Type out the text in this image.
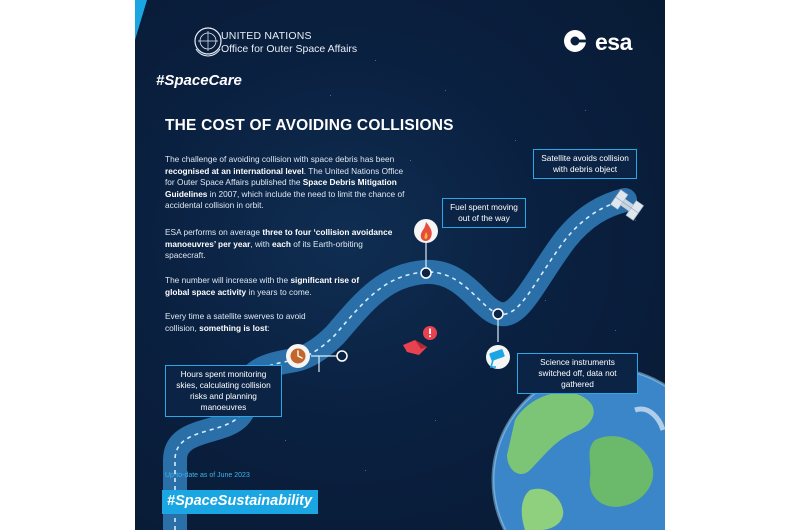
UNITED NATIONS
Office for Outer Space Affairs	esa
#SpaceCare
THE COST OF AVOIDING COLLISIONS
The challenge of avoiding collision with space debris has been recognised at an international level. The United Nations Office for Outer Space Affairs published the Space Debris Mitigation Guidelines in 2007, which include the need to limit the chance of accidental collision in orbit.
ESA performs on average three to four ‘collision avoidance manoeuvres’ per year, with each of its Earth-orbiting spacecraft.
The number will increase with the significant rise of global space activity in years to come.
Every time a satellite swerves to avoid collision, something is lost:
Satellite avoids collision with debris object
Fuel spent moving out of the way
Science instruments switched off, data not gathered
Hours spent monitoring skies, calculating collision risks and planning manoeuvres
Up-to-date as of June 2023
#SpaceSustainability
